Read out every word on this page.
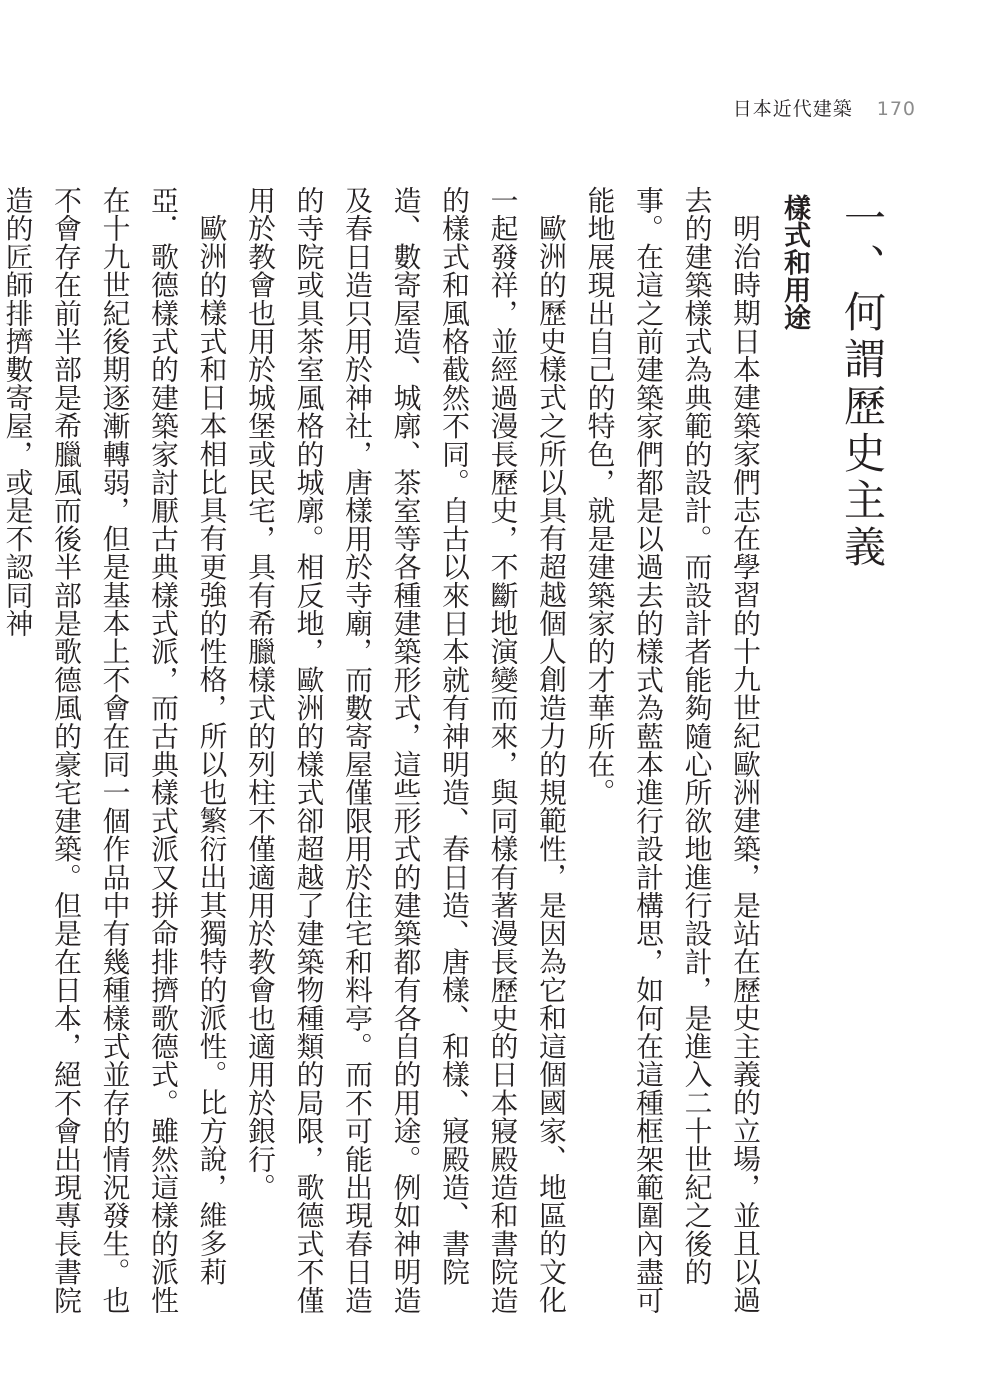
日本近代建築 170
一、何謂歷史主義
樣式和用途

明治時期日本建築家們志在學習的十九世紀歐洲建築，是站在歷史主義的立場，並且以過去的建築樣式為典範的設計。而設計者能夠隨心所欲地進行設計，是進入二十世紀之後的事。在這之前建築家們都是以過去的樣式為藍本進行設計構思，如何在這種框架範圍內盡可能地展現出自己的特色，就是建築家的才華所在。

歐洲的歷史樣式之所以具有超越個人創造力的規範性，是因為它和這個國家、地區的文化一起發祥，並經過漫長歷史，不斷地演變而來，與同樣有著漫長歷史的日本寢殿造和書院造的樣式和風格截然不同。自古以來日本就有神明造、春日造、唐樣、和樣、寢殿造、書院造、數寄屋造、城廓、茶室等各種建築形式，這些形式的建築都有各自的用途。例如神明造及春日造只用於神社，唐樣用於寺廟，而數寄屋僅限用於住宅和料亭。而不可能出現春日造的寺院或具茶室風格的城廓。相反地，歐洲的樣式卻超越了建築物種類的局限，歌德式不僅用於教會也用於城堡或民宅，具有希臘樣式的列柱不僅適用於教會也適用於銀行。

歐洲的樣式和日本相比具有更強的性格，所以也繁衍出其獨特的派性。比方說，維多莉亞．歌德樣式的建築家討厭古典樣式派，而古典樣式派又拼命排擠歌德式。雖然這樣的派性在十九世紀後期逐漸轉弱，但是基本上不會在同一個作品中有幾種樣式並存的情況發生。也不會存在前半部是希臘風而後半部是歌德風的豪宅建築。但是在日本，絕不會出現專長書院造的匠師排擠數寄屋，或是不認同神
